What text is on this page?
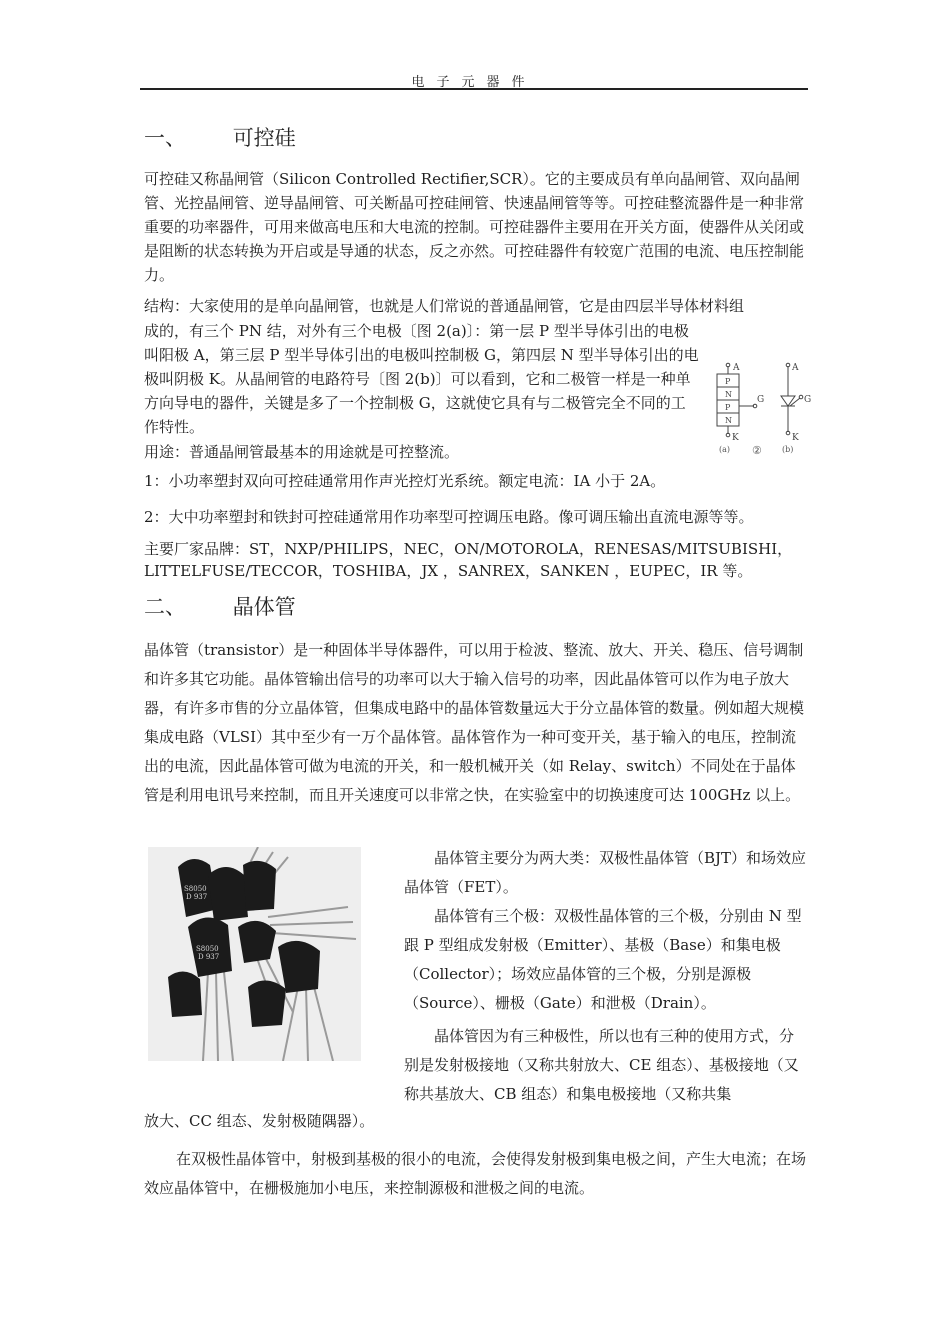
电子元器件
一、 可控硅

可控硅又称晶闸管（Silicon Controlled Rectifier,SCR）。它的主要成员有单向晶闸管、双向晶闸管、光控晶闸管、逆导晶闸管、可关断晶可控硅闸管、快速晶闸管等等。可控硅整流器件是一种非常重要的功率器件，可用来做高电压和大电流的控制。可控硅器件主要用在开关方面，使器件从关闭或是阻断的状态转换为开启或是导通的状态，反之亦然。可控硅器件有较宽广范围的电流、电压控制能力。

结构：大家使用的是单向晶闸管，也就是人们常说的普通晶闸管，它是由四层半导体材料组

成的，有三个 PN 结，对外有三个电极〔图 2(a)〕：第一层 P 型半导体引出的电极叫阳极 A，第三层 P 型半导体引出的电极叫控制极 G，第四层 N 型半导体引出的电极叫阴极 K。从晶闸管的电路符号〔图 2(b)〕可以看到，它和二极管一样是一种单方向导电的器件，关键是多了一个控制极 G，这就使它具有与二极管完全不同的工作特性。

用途：普通晶闸管最基本的用途就是可控整流。
A
P
N
P
N
G
K
(a) ②
A
G
K
(b)
1：小功率塑封双向可控硅通常用作声光控灯光系统。额定电流：IA 小于 2A。
2：大中功率塑封和铁封可控硅通常用作功率型可控调压电路。像可调压输出直流电源等等。
主要厂家品牌：ST，NXP/PHILIPS，NEC，ON/MOTOROLA，RENESAS/MITSUBISHI，
LITTELFUSE/TECCOR，TOSHIBA，JX ，SANREX，SANKEN ，EUPEC，IR 等。
二、 晶体管

晶体管（transistor）是一种固体半导体器件，可以用于检波、整流、放大、开关、稳压、信号调制和许多其它功能。晶体管输出信号的功率可以大于输入信号的功率，因此晶体管可以作为电子放大器，有许多市售的分立晶体管，但集成电路中的晶体管数量远大于分立晶体管的数量。例如超大规模集成电路（VLSI）其中至少有一万个晶体管。晶体管作为一种可变开关，基于输入的电压，控制流出的电流，因此晶体管可做为电流的开关，和一般机械开关（如 Relay、switch）不同处在于晶体管是利用电讯号来控制，而且开关速度可以非常之快，在实验室中的切换速度可达 100GHz 以上。

S8050
D 937
S8050
D 937

晶体管主要分为两大类：双极性晶体管（BJT）和场效应晶体管（FET）。

晶体管有三个极：双极性晶体管的三个极，分别由 N 型跟 P 型组成发射极（Emitter）、基极（Base）和集电极（Collector）；场效应晶体管的三个极，分别是源极（Source）、栅极（Gate）和泄极（Drain）。

晶体管因为有三种极性，所以也有三种的使用方式，分别是发射极接地（又称共射放大、CE 组态）、基极接地（又称共基放大、CB 组态）和集电极接地（又称共集

放大、CC 组态、发射极随隅器）。

在双极性晶体管中，射极到基极的很小的电流，会使得发射极到集电极之间，产生大电流；在场效应晶体管中，在栅极施加小电压，来控制源极和泄极之间的电流。
